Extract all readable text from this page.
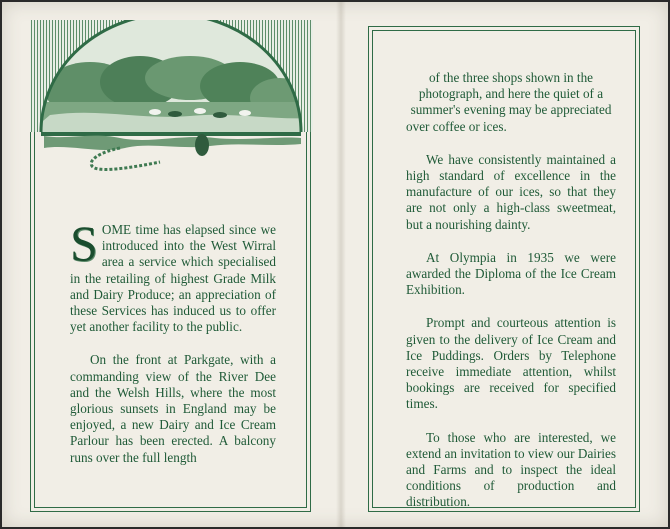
SOME time has elapsed since we introduced into the West Wirral area a service which specialised in the retailing of highest Grade Milk and Dairy Produce; an appreciation of these Services has induced us to offer yet another facility to the public.

On the front at Parkgate, with a commanding view of the River Dee and the Welsh Hills, where the most glorious sunsets in England may be enjoyed, a new Dairy and Ice Cream Parlour has been erected. A balcony runs over the full length

of the three shops shown in the photograph, and here the quiet of a summer's evening may be appreciated over coffee or ices.

We have consistently maintained a high standard of excellence in the manufacture of our ices, so that they are not only a high-class sweetmeat, but a nourishing dainty.

At Olympia in 1935 we were awarded the Diploma of the Ice Cream Exhibition.

Prompt and courteous attention is given to the delivery of Ice Cream and Ice Puddings. Orders by Telephone receive immediate attention, whilst bookings are received for specified times.

To those who are interested, we extend an invitation to view our Dairies and Farms and to inspect the ideal conditions of production and distribution.
